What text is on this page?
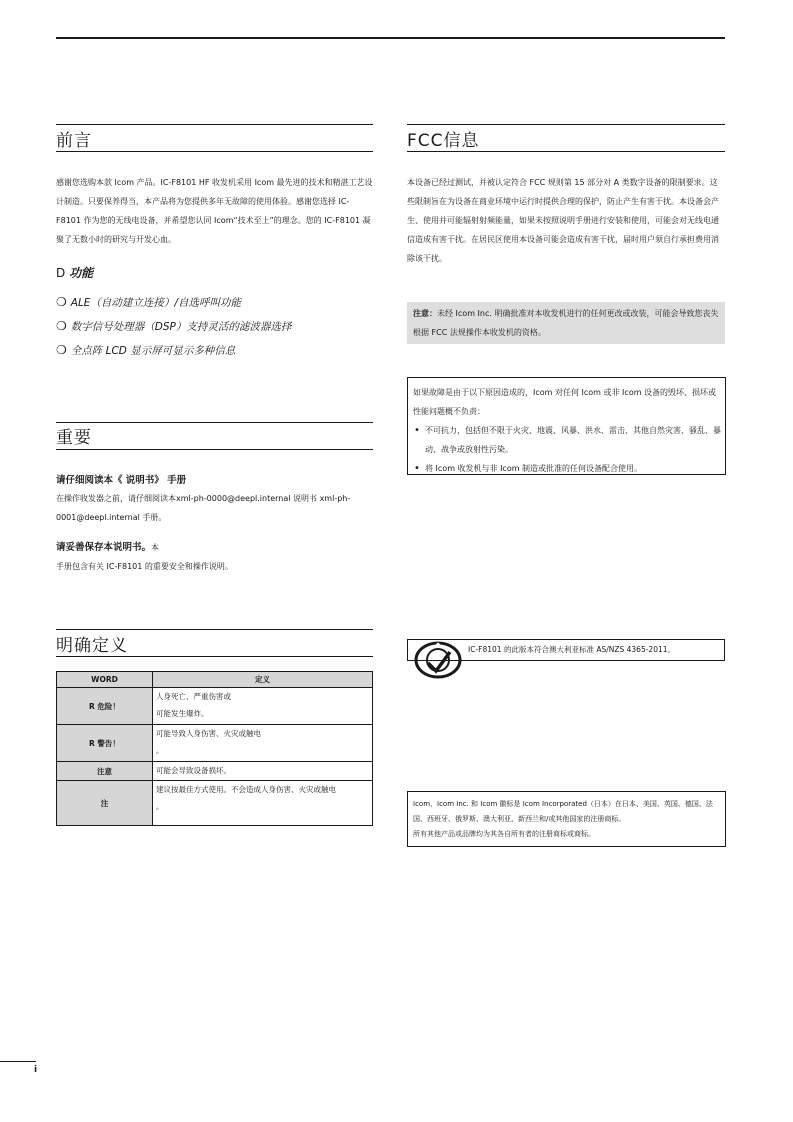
前言
感谢您选购本款 Icom 产品。IC-F8101 HF 收发机采用 Icom 最先进的技术和精湛工艺设计制造。只要保养得当，本产品将为您提供多年无故障的使用体验。感谢您选择 IC-F8101 作为您的无线电设备，并希望您认同 Icom“技术至上”的理念。您的 IC-F8101 凝聚了无数小时的研究与开发心血。
D 功能
❍ ALE（自动建立连接）/自选呼叫功能
❍ 数字信号处理器（DSP）支持灵活的滤波器选择
❍ 全点阵 LCD 显示屏可显示多种信息
重要
请仔细阅读本《 说明书》 手册
在操作收发器之前，请仔细阅读本xml-ph-0000@deepl.internal 说明书 xml-ph-0001@deepl.internal 手册。
请妥善保存本说明书。本
手册包含有关 IC-F8101 的重要安全和操作说明。
明确定义
WORD	定义
R 危险！	人身死亡、严重伤害或
可能发生爆炸。

R 警告！	可能导致人身伤害、火灾或触电
。

注意	可能会导致设备损坏。

注	建议按最佳方式使用。不会造成人身伤害、火灾或触电
。
FCC信息
本设备已经过测试，并被认定符合 FCC 规则第 15 部分对 A 类数字设备的限制要求。这些限制旨在为设备在商业环境中运行时提供合理的保护，防止产生有害干扰。本设备会产生、使用并可能辐射射频能量，如果未按照说明手册进行安装和使用，可能会对无线电通信造成有害干扰。在居民区使用本设备可能会造成有害干扰，届时用户须自行承担费用消除该干扰。
注意：未经 Icom Inc. 明确批准对本收发机进行的任何更改或改装，可能会导致您丧失根据 FCC 法规操作本收发机的资格。
如果故障是由于以下原因造成的，Icom 对任何 Icom 或非 Icom 设备的毁坏、损坏或性能问题概不负责：
• 不可抗力，包括但不限于火灾、地震、风暴、洪水、雷击、其他自然灾害、骚乱、暴动、战争或放射性污染。
• 将 Icom 收发机与非 Icom 制造或批准的任何设备配合使用。
IC-F8101 的此版本符合澳大利亚标准 AS/NZS 4365-2011。
Icom、Icom Inc. 和 Icom 徽标是 Icom Incorporated（日本）在日本、美国、英国、德国、法国、西班牙、俄罗斯、澳大利亚、新西兰和/或其他国家的注册商标。
所有其他产品或品牌均为其各自所有者的注册商标或商标。
i
